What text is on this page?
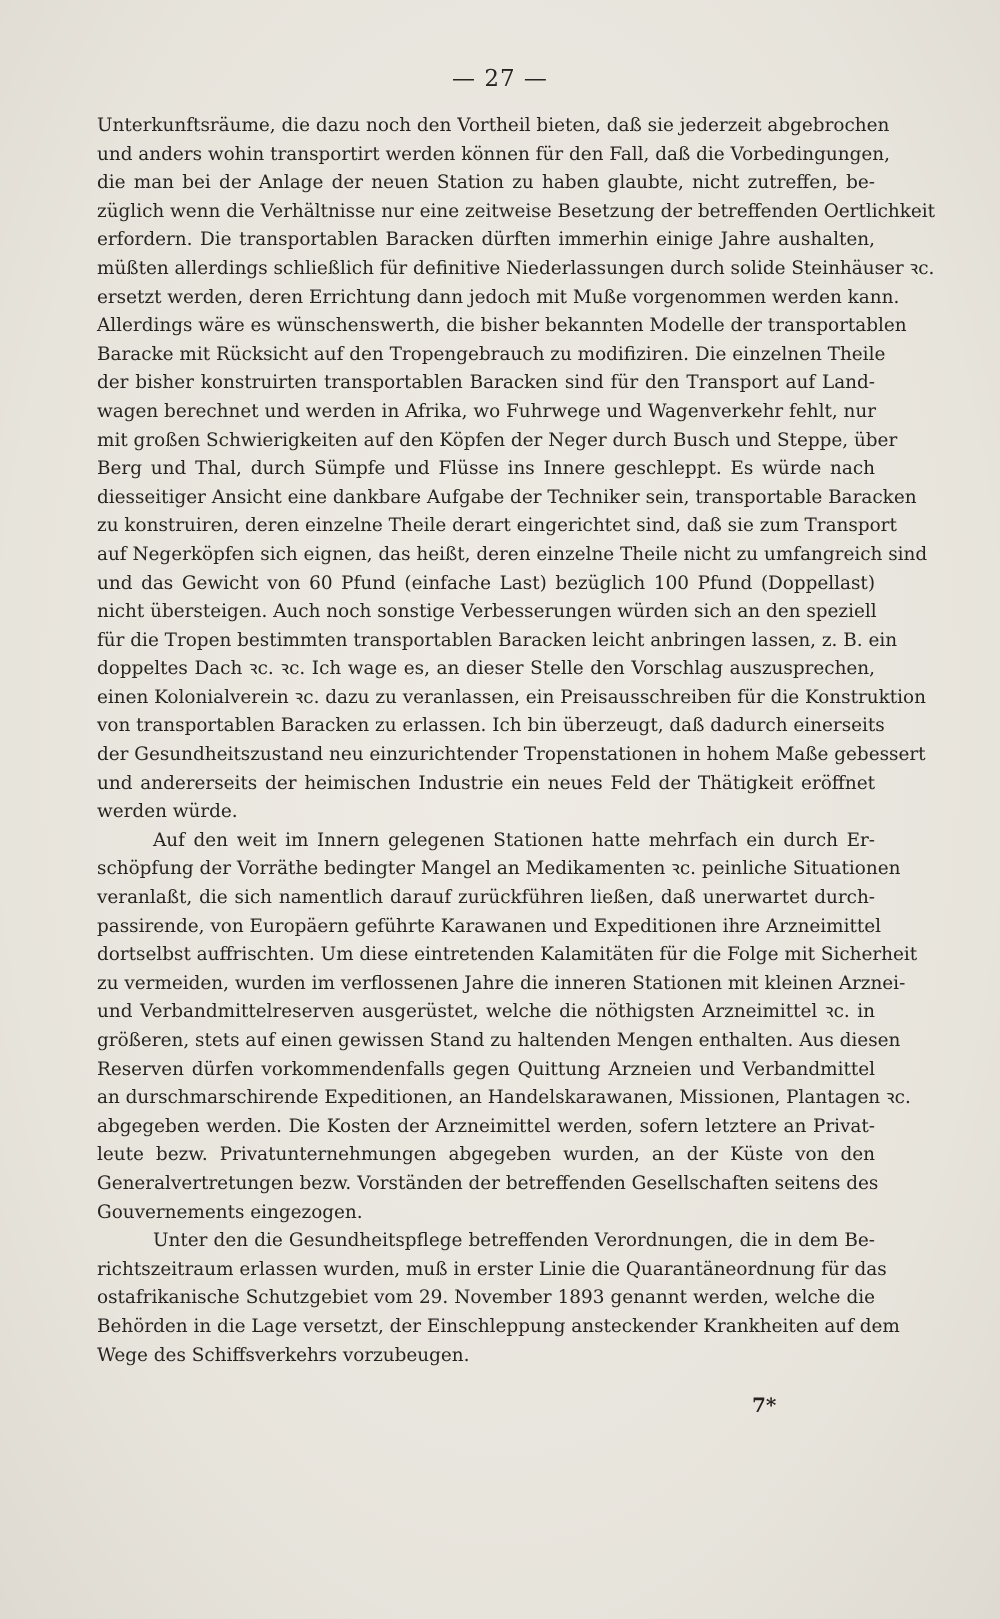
— 27 —
Unterkunftsräume, die dazu noch den Vortheil bieten, daß sie jederzeit abgebrochen
und anders wohin transportirt werden können für den Fall, daß die Vorbedingungen,
die man bei der Anlage der neuen Station zu haben glaubte, nicht zutreffen, be-
züglich wenn die Verhältnisse nur eine zeitweise Besetzung der betreffenden Oertlichkeit
erfordern. Die transportablen Baracken dürften immerhin einige Jahre aushalten,
müßten allerdings schließlich für definitive Niederlassungen durch solide Steinhäuser ꝛc.
ersetzt werden, deren Errichtung dann jedoch mit Muße vorgenommen werden kann.
Allerdings wäre es wünschenswerth, die bisher bekannten Modelle der transportablen
Baracke mit Rücksicht auf den Tropengebrauch zu modifiziren. Die einzelnen Theile
der bisher konstruirten transportablen Baracken sind für den Transport auf Land-
wagen berechnet und werden in Afrika, wo Fuhrwege und Wagenverkehr fehlt, nur
mit großen Schwierigkeiten auf den Köpfen der Neger durch Busch und Steppe, über
Berg und Thal, durch Sümpfe und Flüsse ins Innere geschleppt. Es würde nach
diesseitiger Ansicht eine dankbare Aufgabe der Techniker sein, transportable Baracken
zu konstruiren, deren einzelne Theile derart eingerichtet sind, daß sie zum Transport
auf Negerköpfen sich eignen, das heißt, deren einzelne Theile nicht zu umfangreich sind
und das Gewicht von 60 Pfund (einfache Last) bezüglich 100 Pfund (Doppellast)
nicht übersteigen. Auch noch sonstige Verbesserungen würden sich an den speziell
für die Tropen bestimmten transportablen Baracken leicht anbringen lassen, z. B. ein
doppeltes Dach ꝛc. ꝛc. Ich wage es, an dieser Stelle den Vorschlag auszusprechen,
einen Kolonialverein ꝛc. dazu zu veranlassen, ein Preisausschreiben für die Konstruktion
von transportablen Baracken zu erlassen. Ich bin überzeugt, daß dadurch einerseits
der Gesundheitszustand neu einzurichtender Tropenstationen in hohem Maße gebessert
und andererseits der heimischen Industrie ein neues Feld der Thätigkeit eröffnet
werden würde.
Auf den weit im Innern gelegenen Stationen hatte mehrfach ein durch Er-
schöpfung der Vorräthe bedingter Mangel an Medikamenten ꝛc. peinliche Situationen
veranlaßt, die sich namentlich darauf zurückführen ließen, daß unerwartet durch-
passirende, von Europäern geführte Karawanen und Expeditionen ihre Arzneimittel
dortselbst auffrischten. Um diese eintretenden Kalamitäten für die Folge mit Sicherheit
zu vermeiden, wurden im verflossenen Jahre die inneren Stationen mit kleinen Arznei-
und Verbandmittelreserven ausgerüstet, welche die nöthigsten Arzneimittel ꝛc. in
größeren, stets auf einen gewissen Stand zu haltenden Mengen enthalten. Aus diesen
Reserven dürfen vorkommendenfalls gegen Quittung Arzneien und Verbandmittel
an durschmarschirende Expeditionen, an Handelskarawanen, Missionen, Plantagen ꝛc.
abgegeben werden. Die Kosten der Arzneimittel werden, sofern letztere an Privat-
leute bezw. Privatunternehmungen abgegeben wurden, an der Küste von den
Generalvertretungen bezw. Vorständen der betreffenden Gesellschaften seitens des
Gouvernements eingezogen.
Unter den die Gesundheitspflege betreffenden Verordnungen, die in dem Be-
richtszeitraum erlassen wurden, muß in erster Linie die Quarantäneordnung für das
ostafrikanische Schutzgebiet vom 29. November 1893 genannt werden, welche die
Behörden in die Lage versetzt, der Einschleppung ansteckender Krankheiten auf dem
Wege des Schiffsverkehrs vorzubeugen.
7*
